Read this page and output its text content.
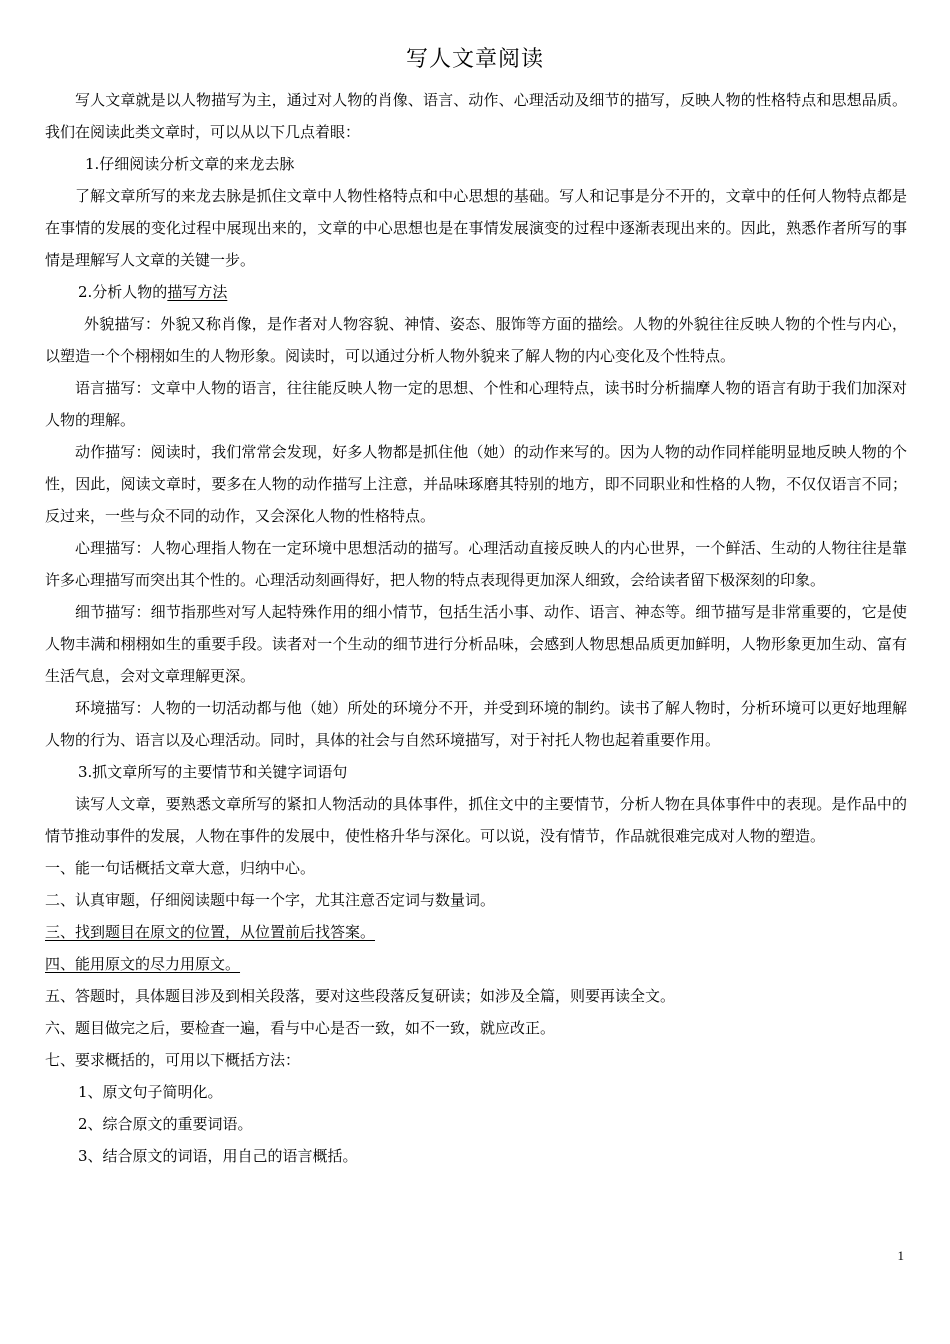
写人文章阅读

写人文章就是以人物描写为主，通过对人物的肖像、语言、动作、心理活动及细节的描写，反映人物的性格特点和思想品质。我们在阅读此类文章时，可以从以下几点着眼：

1.仔细阅读分析文章的来龙去脉

了解文章所写的来龙去脉是抓住文章中人物性格特点和中心思想的基础。写人和记事是分不开的，文章中的任何人物特点都是在事情的发展的变化过程中展现出来的，文章的中心思想也是在事情发展演变的过程中逐渐表现出来的。因此，熟悉作者所写的事情是理解写人文章的关键一步。

2.分析人物的描写方法

外貌描写：外貌又称肖像，是作者对人物容貌、神情、姿态、服饰等方面的描绘。人物的外貌往往反映人物的个性与内心，以塑造一个个栩栩如生的人物形象。阅读时，可以通过分析人物外貌来了解人物的内心变化及个性特点。

语言描写：文章中人物的语言，往往能反映人物一定的思想、个性和心理特点，读书时分析揣摩人物的语言有助于我们加深对人物的理解。

动作描写：阅读时，我们常常会发现，好多人物都是抓住他（她）的动作来写的。因为人物的动作同样能明显地反映人物的个性，因此，阅读文章时，要多在人物的动作描写上注意，并品味琢磨其特别的地方，即不同职业和性格的人物，不仅仅语言不同；反过来，一些与众不同的动作，又会深化人物的性格特点。

心理描写：人物心理指人物在一定环境中思想活动的描写。心理活动直接反映人的内心世界，一个鲜活、生动的人物往往是靠许多心理描写而突出其个性的。心理活动刻画得好，把人物的特点表现得更加深人细致，会给读者留下极深刻的印象。

细节描写：细节指那些对写人起特殊作用的细小情节，包括生活小事、动作、语言、神态等。细节描写是非常重要的，它是使人物丰满和栩栩如生的重要手段。读者对一个生动的细节进行分析品味，会感到人物思想品质更加鲜明，人物形象更加生动、富有生活气息，会对文章理解更深。

环境描写：人物的一切活动都与他（她）所处的环境分不开，并受到环境的制约。读书了解人物时，分析环境可以更好地理解人物的行为、语言以及心理活动。同时，具体的社会与自然环境描写，对于衬托人物也起着重要作用。

3.抓文章所写的主要情节和关键字词语句

读写人文章，要熟悉文章所写的紧扣人物活动的具体事件，抓住文中的主要情节，分析人物在具体事件中的表现。是作品中的情节推动事件的发展，人物在事件的发展中，使性格升华与深化。可以说，没有情节，作品就很难完成对人物的塑造。

一、能一句话概括文章大意，归纳中心。

二、认真审题，仔细阅读题中每一个字，尤其注意否定词与数量词。

三、找到题目在原文的位置，从位置前后找答案。

四、能用原文的尽力用原文。

五、答题时，具体题目涉及到相关段落，要对这些段落反复研读；如涉及全篇，则要再读全文。

六、题目做完之后，要检查一遍，看与中心是否一致，如不一致，就应改正。

七、要求概括的，可用以下概括方法：

1、原文句子简明化。

2、综合原文的重要词语。

3、结合原文的词语，用自己的语言概括。

1
